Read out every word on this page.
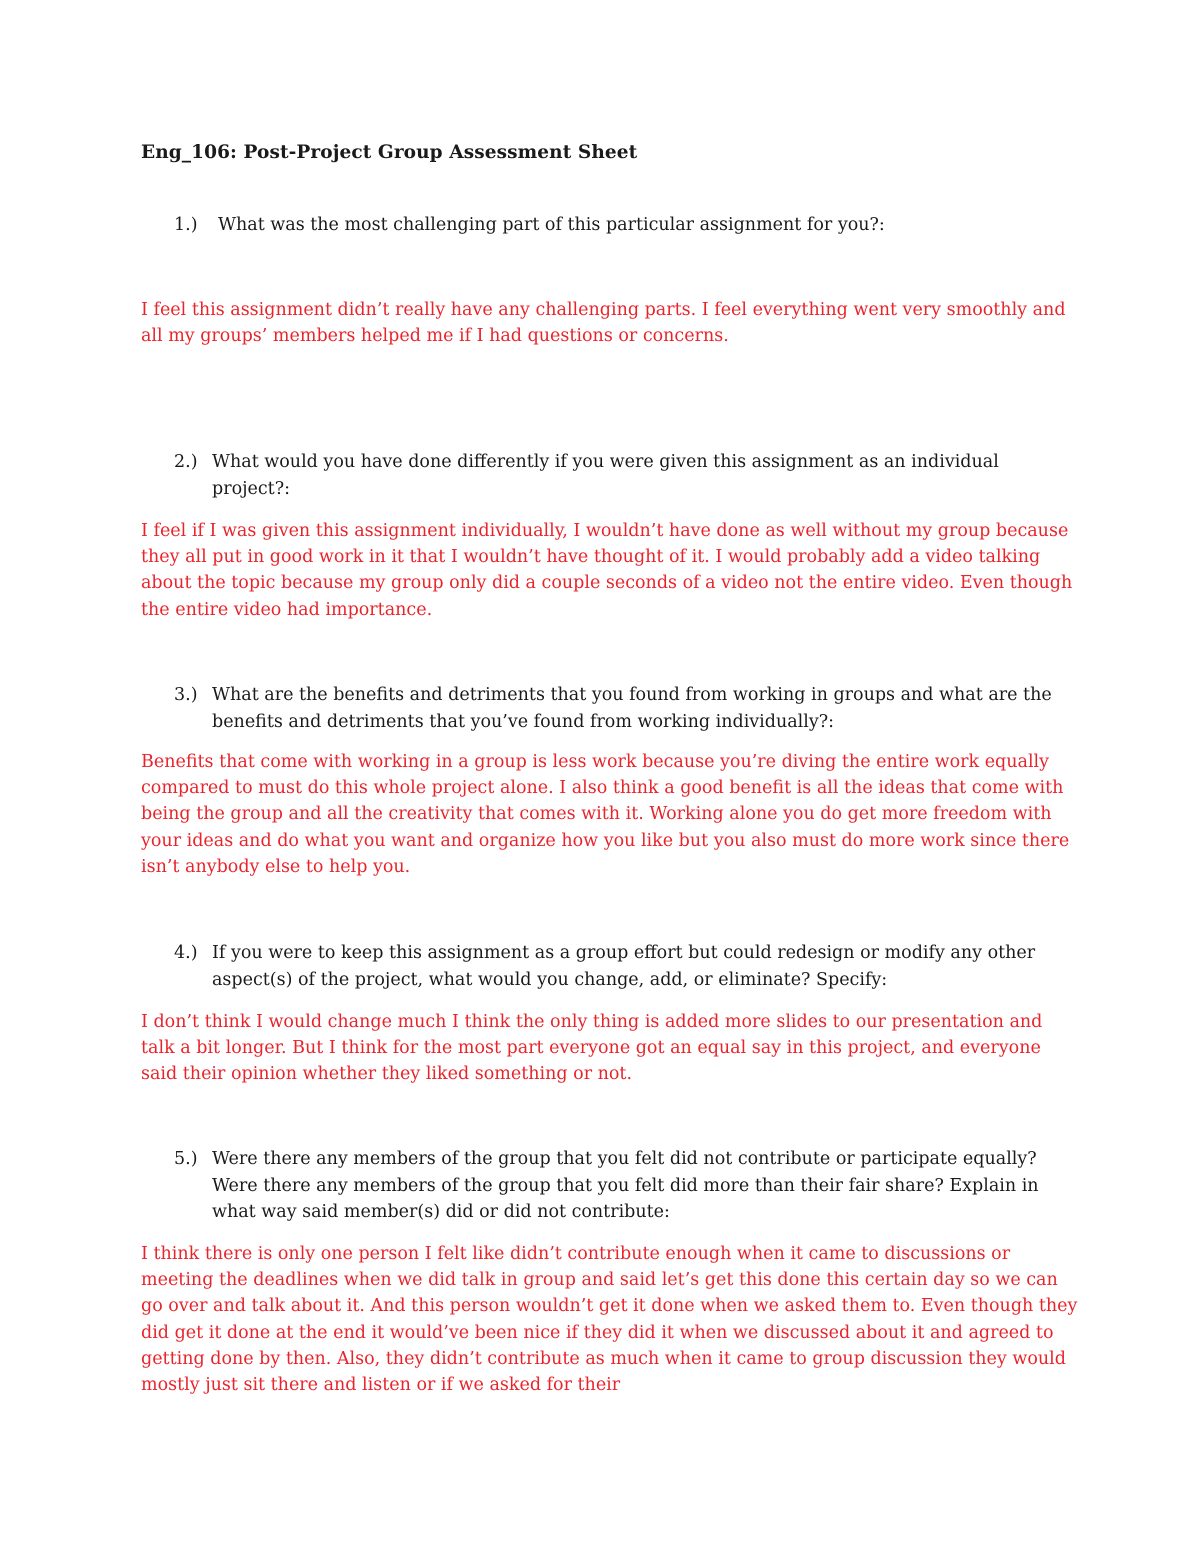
Eng_106: Post-Project Group Assessment Sheet
1.) What was the most challenging part of this particular assignment for you?:
I feel this assignment didn’t really have any challenging parts. I feel everything went very smoothly and all my groups’ members helped me if I had questions or concerns.
2.) What would you have done differently if you were given this assignment as an individual project?:
I feel if I was given this assignment individually, I wouldn’t have done as well without my group because they all put in good work in it that I wouldn’t have thought of it. I would probably add a video talking about the topic because my group only did a couple seconds of a video not the entire video. Even though the entire video had importance.
3.) What are the benefits and detriments that you found from working in groups and what are the benefits and detriments that you’ve found from working individually?:
Benefits that come with working in a group is less work because you’re diving the entire work equally compared to must do this whole project alone. I also think a good benefit is all the ideas that come with being the group and all the creativity that comes with it. Working alone you do get more freedom with your ideas and do what you want and organize how you like but you also must do more work since there isn’t anybody else to help you.
4.) If you were to keep this assignment as a group effort but could redesign or modify any other aspect(s) of the project, what would you change, add, or eliminate? Specify:
I don’t think I would change much I think the only thing is added more slides to our presentation and talk a bit longer. But I think for the most part everyone got an equal say in this project, and everyone said their opinion whether they liked something or not.
5.) Were there any members of the group that you felt did not contribute or participate equally? Were there any members of the group that you felt did more than their fair share? Explain in what way said member(s) did or did not contribute:
I think there is only one person I felt like didn’t contribute enough when it came to discussions or meeting the deadlines when we did talk in group and said let’s get this done this certain day so we can go over and talk about it. And this person wouldn’t get it done when we asked them to. Even though they did get it done at the end it would’ve been nice if they did it when we discussed about it and agreed to getting done by then. Also, they didn’t contribute as much when it came to group discussion they would mostly just sit there and listen or if we asked for their
